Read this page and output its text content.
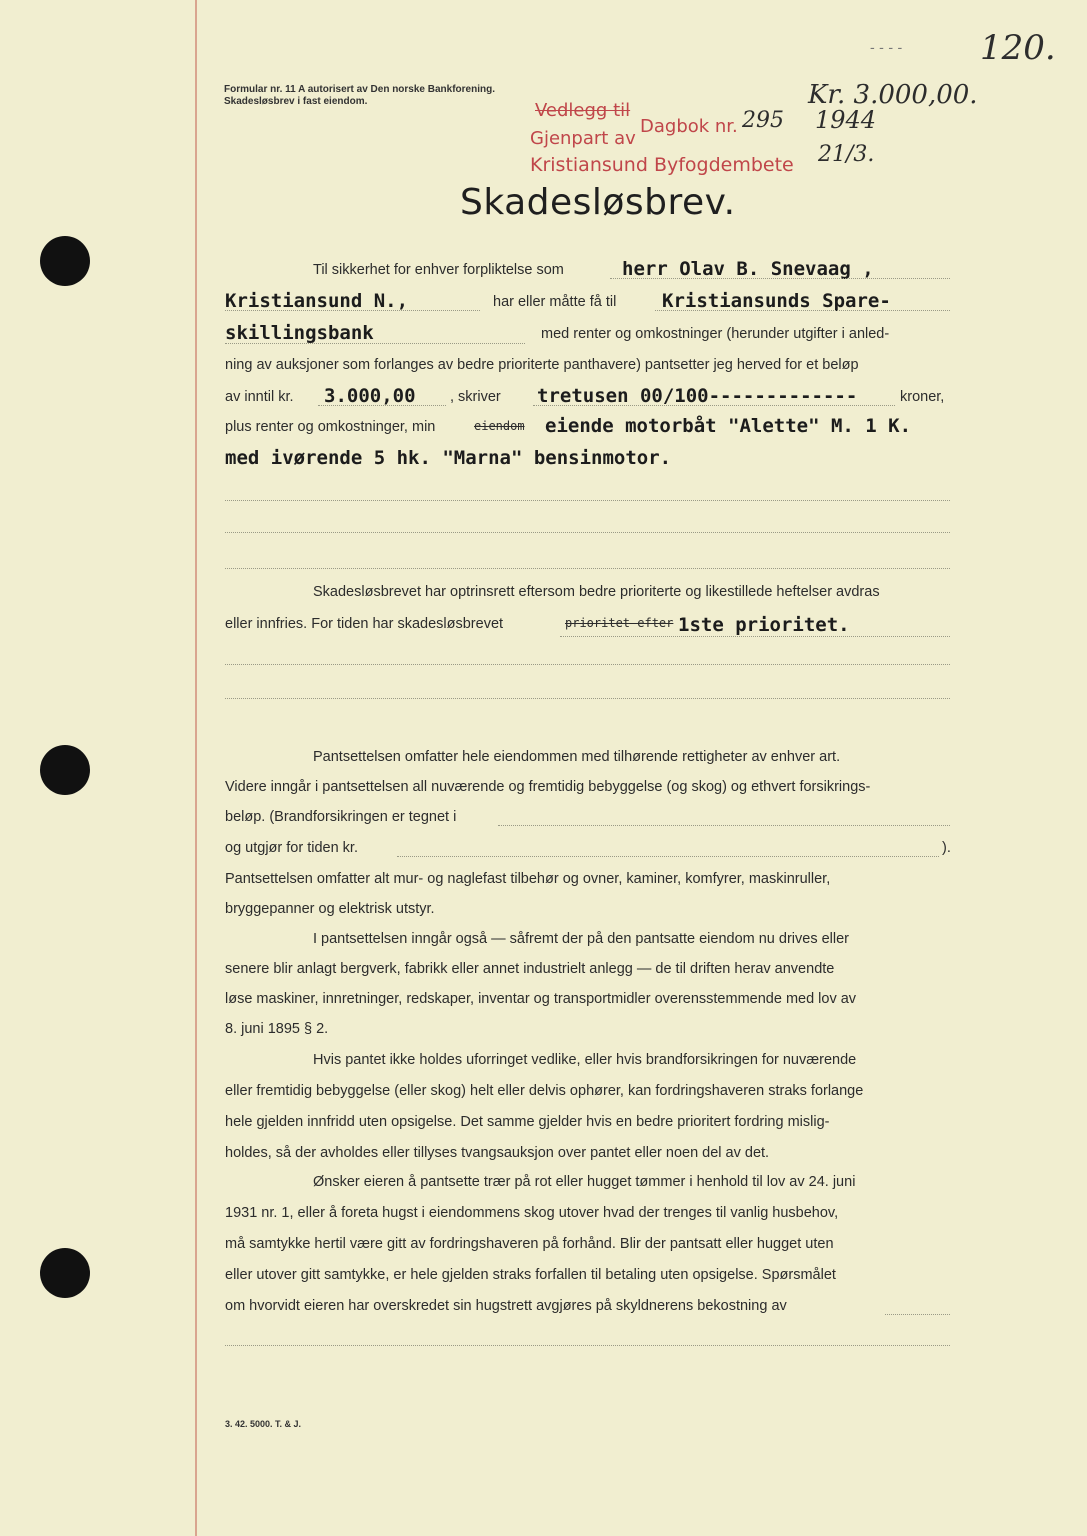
- - - - 120.
Formular nr. 11 A autorisert av Den norske Bankforening.
Skadesløsbrev i fast eiendom.	Vedlegg til
Gjenpart av
Dagbok nr.
Kristiansund Byfogdembete
295 1944
21/3.
Kr. 3.000,00.
Skadesløsbrev.
Til sikkerhet for enhver forpliktelse som	herr Olav B. Snevaag ,
Kristiansund N.,	har eller måtte få til Kristiansunds Spare-
skillingsbank	med renter og omkostninger (herunder utgifter i anled-
ning av auksjoner som forlanges av bedre prioriterte panthavere) pantsetter jeg herved for et beløp
av inntil kr. 3.000,00 , skriver tretusen 00/100-------------	kroner,
plus renter og omkostninger, min	eiendom eiende motorbåt "Alette" M. 1 K.
med ivørende 5 hk. "Marna" bensinmotor.
Skadesløsbrevet har optrinsrett eftersom bedre prioriterte og likestillede heftelser avdras
eller innfries. For tiden har skadesløsbrevet	prioritet efter 1ste prioritet.
Pantsettelsen omfatter hele eiendommen med tilhørende rettigheter av enhver art.
Videre inngår i pantsettelsen all nuværende og fremtidig bebyggelse (og skog) og ethvert forsikrings-
beløp. (Brandforsikringen er tegnet i
og utgjør for tiden kr.	).
Pantsettelsen omfatter alt mur- og naglefast tilbehør og ovner, kaminer, komfyrer, maskinruller,
bryggepanner og elektrisk utstyr.
I pantsettelsen inngår også — såfremt der på den pantsatte eiendom nu drives eller
senere blir anlagt bergverk, fabrikk eller annet industrielt anlegg — de til driften herav anvendte
løse maskiner, innretninger, redskaper, inventar og transportmidler overensstemmende med lov av
8. juni 1895 § 2.
Hvis pantet ikke holdes uforringet vedlike, eller hvis brandforsikringen for nuværende
eller fremtidig bebyggelse (eller skog) helt eller delvis ophører, kan fordringshaveren straks forlange
hele gjelden innfridd uten opsigelse. Det samme gjelder hvis en bedre prioritert fordring mislig-
holdes, så der avholdes eller tillyses tvangsauksjon over pantet eller noen del av det.
Ønsker eieren å pantsette trær på rot eller hugget tømmer i henhold til lov av 24. juni
1931 nr. 1, eller å foreta hugst i eiendommens skog utover hvad der trenges til vanlig husbehov,
må samtykke hertil være gitt av fordringshaveren på forhånd. Blir der pantsatt eller hugget uten
eller utover gitt samtykke, er hele gjelden straks forfallen til betaling uten opsigelse. Spørsmålet
om hvorvidt eieren har overskredet sin hugstrett avgjøres på skyldnerens bekostning av
3. 42. 5000. T. & J.
